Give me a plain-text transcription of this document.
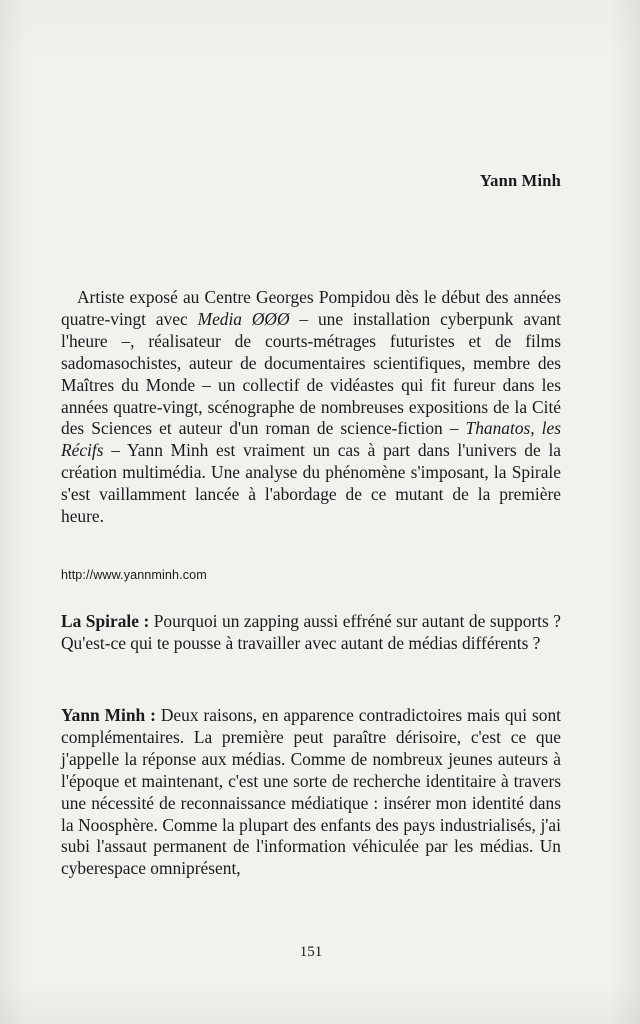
Yann Minh

Artiste exposé au Centre Georges Pompidou dès le début des années quatre-vingt avec Media ØØØ – une installation cyberpunk avant l'heure –, réalisateur de courts-métrages futuristes et de films sadomasochistes, auteur de documentaires scientifiques, membre des Maîtres du Monde – un collectif de vidéastes qui fit fureur dans les années quatre-vingt, scénographe de nombreuses expositions de la Cité des Sciences et auteur d'un roman de science-fiction – Thanatos, les Récifs – Yann Minh est vraiment un cas à part dans l'univers de la création multimédia. Une analyse du phénomène s'imposant, la Spirale s'est vaillamment lancée à l'abordage de ce mutant de la première heure.

http://www.yannminh.com

La Spirale : Pourquoi un zapping aussi effréné sur autant de supports ? Qu'est-ce qui te pousse à travailler avec autant de médias différents ?

Yann Minh : Deux raisons, en apparence contradictoires mais qui sont complémentaires. La première peut paraître dérisoire, c'est ce que j'appelle la réponse aux médias. Comme de nombreux jeunes auteurs à l'époque et maintenant, c'est une sorte de recherche identitaire à travers une nécessité de reconnaissance médiatique : insérer mon identité dans la Noosphère. Comme la plupart des enfants des pays industrialisés, j'ai subi l'assaut permanent de l'information véhiculée par les médias. Un cyberespace omniprésent,

151
